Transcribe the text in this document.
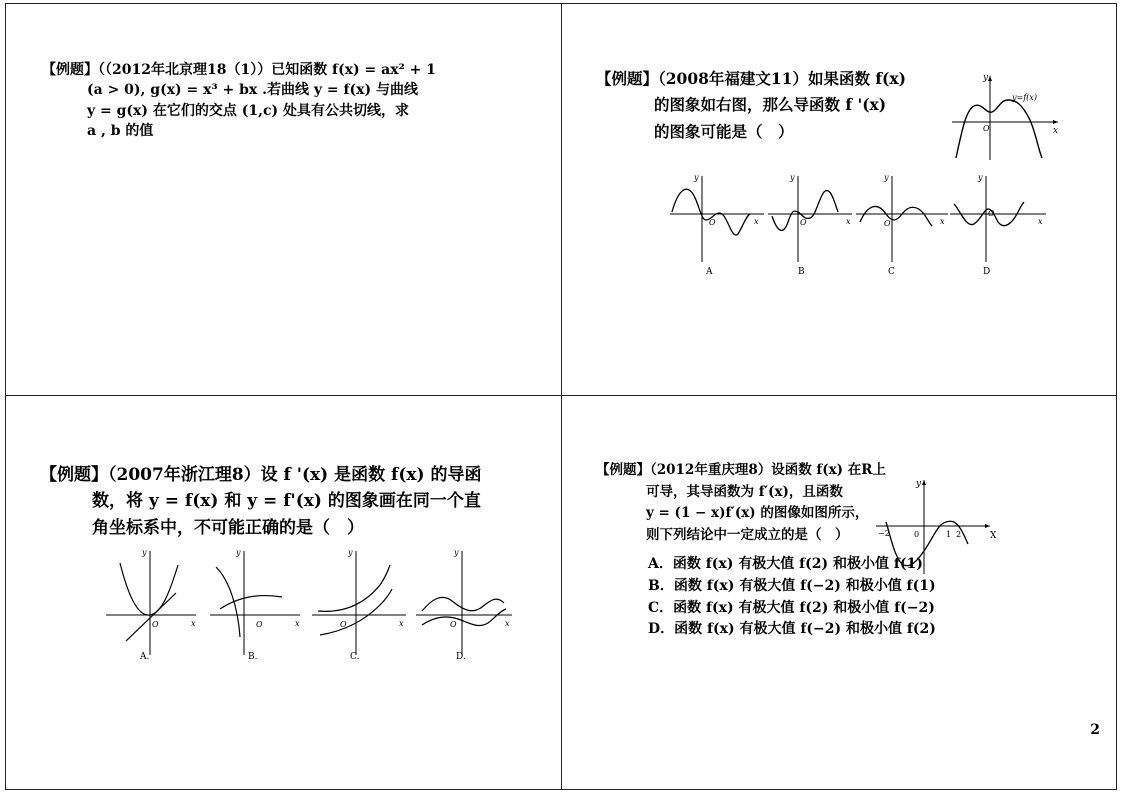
【例题】（（2012年北京理18（1））已知函数 f(x) = ax² + 1
(a > 0), g(x) = x³ + bx .若曲线 y = f(x) 与曲线
y = g(x) 在它们的交点 (1,c) 处具有公共切线，求
a , b 的值
【例题】（2008年福建文11）如果函数 f(x)
的图象如右图，那么导函数 f '(x)
的图象可能是（　）
y
x
O
y=f(x)
y
x
O
A
y
x
O
B
y
x
O
C
y
x
O
D
【例题】（2007年浙江理8）设 f '(x) 是函数 f(x) 的导函
数，将 y = f(x) 和 y = f'(x) 的图象画在同一个直
角坐标系中，不可能正确的是（　）
y
x
O
A.
y
x
O
B.
y
x
O
C.
y
x
O
D.
【例题】（2012年重庆理8）设函数 f(x) 在R上
可导，其导函数为 f′(x)，且函数
y = (1 − x)f′(x) 的图像如图所示，
则下列结论中一定成立的是（　）
A．函数 f(x) 有极大值 f(2) 和极小值 f(1)
B．函数 f(x) 有极大值 f(−2) 和极小值 f(1)
C．函数 f(x) 有极大值 f(2) 和极小值 f(−2)
D．函数 f(x) 有极大值 f(−2) 和极小值 f(2)
y
X
−2	0	1 2
2
